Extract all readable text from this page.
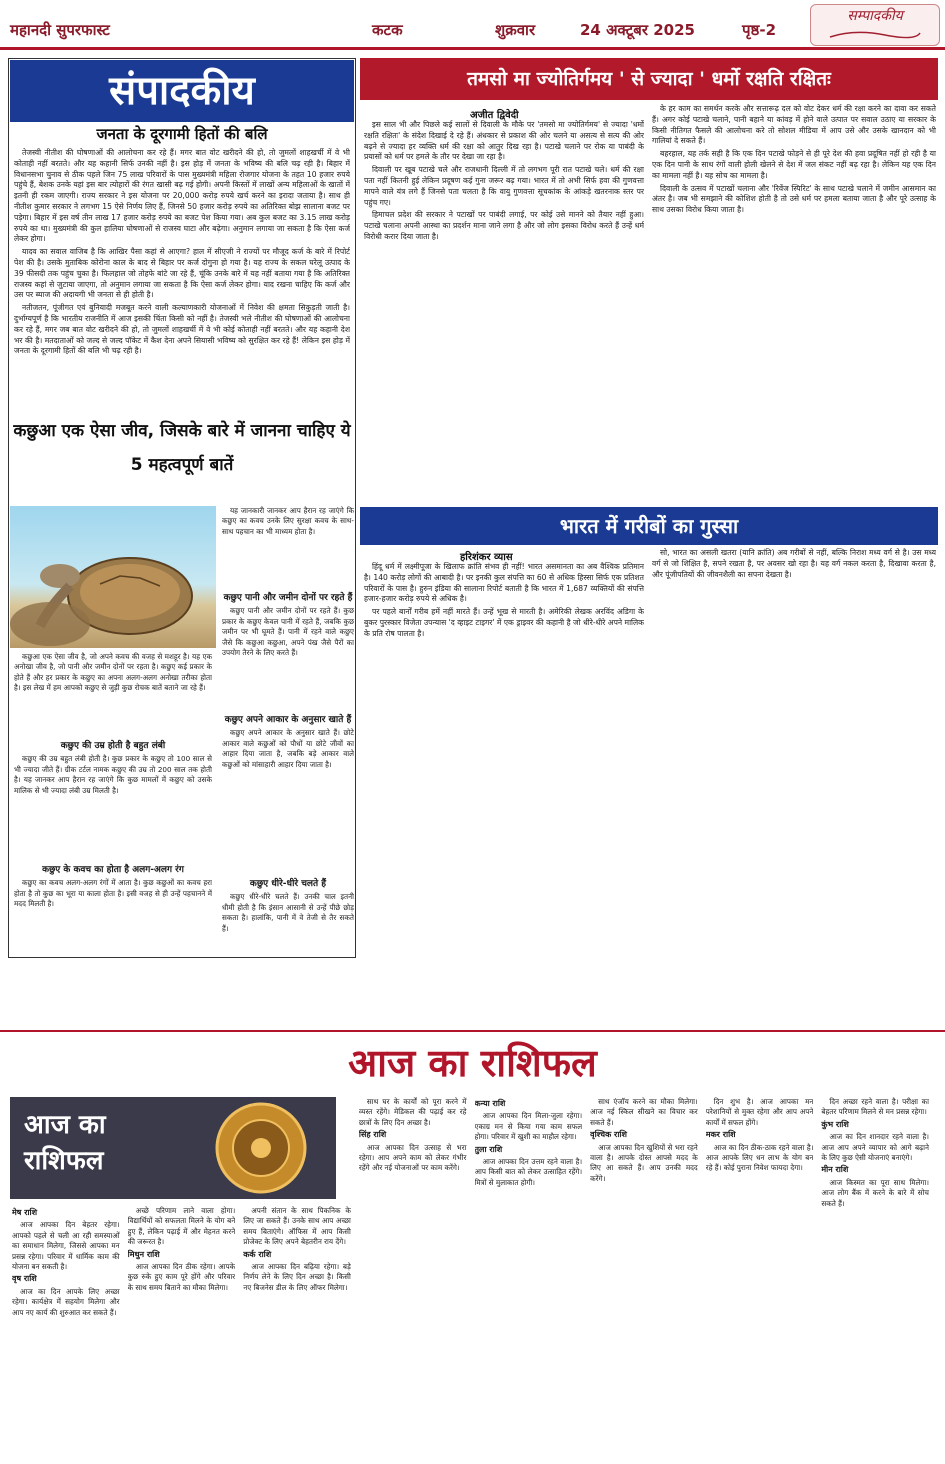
महानदी सुपरफास्ट	कटक	शुक्रवार	24 अक्टूबर 2025	पृष्ठ-2
सम्पादकीय
संपादकीय
जनता के दूरगामी हितों की बलि

तेजस्वी नीतीश की घोषणाओं की आलोचना कर रहे हैं। मगर बात वोट खरीदने की हो, तो जुमलों शाहखर्ची में वे भी कोताही नहीं बरतते। और यह कहानी सिर्फ उनकी नहीं है। इस होड़ में जनता के भविष्य की बलि चढ़ रही है। बिहार में विधानसभा चुनाव से ठीक पहले जिन 75 लाख परिवारों के पास मुख्यमंत्री महिला रोजगार योजना के तहत 10 हजार रुपये पहुंचे हैं, बेशक उनके यहां इस बार त्योहारों की रंगत खासी बढ़ गई होगी। अपनी किस्तों में लाखों अन्य महिलाओं के खातों में इतनी ही रकम जाएगी। राज्य सरकार ने इस योजना पर 20,000 करोड़ रुपये खर्च करने का इरादा जताया है। साथ ही नीतीश कुमार सरकार ने लगभग 15 ऐसे निर्णय लिए हैं, जिनसे 50 हजार करोड़ रुपये का अतिरिक्त बोझ सालाना बजट पर पड़ेगा। बिहार में इस वर्ष तीन लाख 17 हजार करोड़ रुपये का बजट पेश किया गया। अब कुल बजट का 3.15 लाख करोड़ रुपये का था। मुख्यमंत्री की कुल हालिया घोषणाओं से राजस्व घाटा और बढ़ेगा। अनुमान लगाया जा सकता है कि ऐसा कर्ज लेकर होगा।

यादव का सवाल वाजिब है कि आखिर पैसा कहां से आएगा? हाल में सीएजी ने राज्यों पर मौजूद कर्ज के बारे में रिपोर्ट पेश की है। उसके मुताबिक कोरोना काल के बाद से बिहार पर कर्ज दोगुना हो गया है। यह राज्य के सकल घरेलू उत्पाद के 39 फीसदी तक पहुंच चुका है। फिलहाल जो तोहफे बांटे जा रहे हैं, चूंकि उनके बारे में यह नहीं बताया गया है कि अतिरिक्त राजस्व कहां से जुटाया जाएगा, तो अनुमान लगाया जा सकता है कि ऐसा कर्ज लेकर होगा। याद रखना चाहिए कि कर्ज और उस पर ब्याज की अदायगी भी जनता से ही होती है।

नतीजतन, पूंजीगत एवं बुनियादी मजबूत करने वाली कल्याणकारी योजनाओं में निवेश की क्षमता सिकुड़ती जाती है। दुर्भाग्यपूर्ण है कि भारतीय राजनीति में आज इसकी चिंता किसी को नहीं है। तेजस्वी भले नीतीश की घोषणाओं की आलोचना कर रहे हैं, मगर जब बात वोट खरीदने की हो, तो जुमलों शाहखर्ची में वे भी कोई कोताही नहीं बरतते। और यह कहानी देश भर की है। मतदाताओं को जल्द से जल्द पॉकेट में कैश देना अपने सियासी भविष्य को सुरक्षित कर रहे हैं! लेकिन इस होड़ में जनता के दूरगामी हितों की बलि भी चढ़ रही है।

कछुआ एक ऐसा जीव, जिसके बारे में जानना चाहिए ये 5 महत्वपूर्ण बातें

यह जानकारी जानकर आप हैरान रह जाएंगे कि कछुए का कवच उनके लिए सुरक्षा कवच के साथ-साथ पहचान का भी माध्यम होता है।

कछुए पानी और जमीन दोनों पर रहते हैं

कछुए पानी और जमीन दोनों पर रहते हैं। कुछ प्रकार के कछुए केवल पानी में रहते हैं, जबकि कुछ जमीन पर भी घूमते हैं। पानी में रहने वाले कछुए जैसे कि कछुआ कछुआ, अपने पंख जैसे पैरों का उपयोग तैरने के लिए करते हैं।

कछुआ एक ऐसा जीव है, जो अपने कवच की वजह से मशहूर है। यह एक अनोखा जीव है, जो पानी और जमीन दोनों पर रहता है। कछुए कई प्रकार के होते हैं और हर प्रकार के कछुए का अपना अलग-अलग अनोखा तरीका होता है। इस लेख में हम आपको कछुए से जुड़ी कुछ रोचक बातें बताने जा रहे हैं।

कछुए की उम्र होती है बहुत लंबी

कछुए की उम्र बहुत लंबी होती है। कुछ प्रकार के कछुए तो 100 साल से भी ज्यादा जीते हैं। ग्रीक टर्टल नामक कछुए की उम्र तो 200 साल तक होती है। यह जानकर आप हैरान रह जाएंगे कि कुछ मामलों में कछुए को उसके मालिक से भी ज्यादा लंबी उम्र मिलती है।

कछुए के कवच का होता है अलग-अलग रंग

कछुए का कवच अलग-अलग रंगों में आता है। कुछ कछुओं का कवच हरा होता है तो कुछ का भूरा या काला होता है। इसी वजह से ही उन्हें पहचानने में मदद मिलती है।

कछुए अपने आकार के अनुसार खाते हैं

कछुए अपने आकार के अनुसार खाते हैं। छोटे आकार वाले कछुओं को पौधों या छोटे जीवों का आहार दिया जाता है, जबकि बड़े आकार वाले कछुओं को मांसाहारी आहार दिया जाता है।

कछुए धीरे-धीरे चलते हैं

कछुए धीरे-धीरे चलते हैं। उनकी चाल इतनी धीमी होती है कि इंसान आसानी से उन्हें पीछे छोड़ सकता है। हालांकि, पानी में वे तेजी से तैर सकते हैं।

तमसो मा ज्योतिर्गमय ' से ज्यादा ' धर्मो रक्षति रक्षितः
अजीत द्विवेदी

इस साल भी और पिछले कई सालों से दिवाली के मौके पर 'तमसो मा ज्योतिर्गमय' से ज्यादा 'धर्मो रक्षति रक्षितः' के संदेश दिखाई दे रहे हैं। अंधकार से प्रकाश की ओर चलने या असत्य से सत्य की ओर बढ़ने से ज्यादा हर व्यक्ति धर्म की रक्षा को आतुर दिख रहा है। पटाखे चलाने पर रोक या पाबंदी के प्रयासों को धर्म पर हमले के तौर पर देखा जा रहा है।

दिवाली पर खूब पटाखे चले और राजधानी दिल्ली में तो लगभग पूरी रात पटाखे चले। धर्म की रक्षा पता नहीं कितनी हुई लेकिन प्रदूषण कई गुना जरूर बढ़ गया। भारत में तो अभी सिर्फ हवा की गुणवत्ता मापने वाले यंत्र लगे हैं जिनसे पता चलता है कि वायु गुणवत्ता सूचकांक के आंकड़े खतरनाक स्तर पर पहुंच गए।

हिमाचल प्रदेश की सरकार ने पटाखों पर पाबंदी लगाई, पर कोई उसे मानने को तैयार नहीं हुआ। पटाखे चलाना अपनी आस्था का प्रदर्शन माना जाने लगा है और जो लोग इसका विरोध करते हैं उन्हें धर्म विरोधी करार दिया जाता है।

के हर काम का समर्थन करके और सत्तारूढ़ दल को वोट देकर धर्म की रक्षा करने का दावा कर सकते हैं। अगर कोई पटाखे चलाने, पानी बहाने या कांवड़ में होने वाले उत्पात पर सवाल उठाए या सरकार के किसी नीतिगत फैसले की आलोचना करे तो सोशल मीडिया में आप उसे और उसके खानदान को भी गालियां दे सकते हैं।

बहरहाल, यह तर्क सही है कि एक दिन पटाखे फोड़ने से ही पूरे देश की हवा प्रदूषित नहीं हो रही है या एक दिन पानी के साथ रंगों वाली होली खेलने से देश में जल संकट नहीं बढ़ रहा है। लेकिन यह एक दिन का मामला नहीं है। यह सोच का मामला है।

दिवाली के उत्सव में पटाखों चलाना और 'रिवेंज स्पिरिट' के साथ पटाखे चलाने में जमीन आसमान का अंतर है। जब भी समझाने की कोशिश होती है तो उसे धर्म पर हमला बताया जाता है और पूरे उत्साह के साथ उसका विरोध किया जाता है।

भारत में गरीबों का गुस्सा
हरिशंकर व्यास

हिंदू धर्म में लक्ष्मीपूजा के खिलाफ क्रांति संभव ही नहीं! भारत असमानता का अब वैश्विक प्रतिमान है। 140 करोड़ लोगों की आबादी है। पर इनकी कुल संपत्ति का 60 से अधिक हिस्सा सिर्फ एक प्रतिशत परिवारों के पास है। हुरुन इंडिया की सालाना रिपोर्ट बताती है कि भारत में 1,687 व्यक्तियों की संपत्ति हजार-हजार करोड़ रुपये से अधिक है।

पर पहले बार्नों गरीब हमें नहीं मारते हैं। उन्हें भूख से मारती है। अमेरिकी लेखक अरविंद अडिगा के बुकर पुरस्कार विजेता उपन्यास 'द व्हाइट टाइगर' में एक ड्राइवर की कहानी है जो धीरे-धीरे अपने मालिक के प्रति रोष पालता है।

सो, भारत का असली खतरा (यानि क्रांति) अब गरीबों से नहीं, बल्कि निराश मध्य वर्ग से है। उस मध्य वर्ग से जो शिक्षित है, सपने रखता है, पर अवसर खो रहा है। यह वर्ग नकल करता है, दिखावा करता है, और पूंजीपतियों की जीवनशैली का सपना देखता है।

आज का राशिफल
आज का
राशिफल
मेष राशि

आज आपका दिन बेहतर रहेगा। आपको पहले से चली आ रही समस्याओं का समाधान मिलेगा, जिससे आपका मन प्रसन्न रहेगा। परिवार में धार्मिक काम की योजना बन सकती है।

वृष राशि

आज का दिन आपके लिए अच्छा रहेगा। कार्यक्षेत्र में सहयोग मिलेगा और आप नए कार्य की शुरुआत कर सकते हैं।

अच्छे परिणाम लाने वाला होगा। विद्यार्थियों को सफलता मिलने के योग बने हुए हैं, लेकिन पढ़ाई में और मेहनत करने की जरूरत है।

मिथुन राशि

आज आपका दिन ठीक रहेगा। आपके कुछ रुके हुए काम पूरे होंगे और परिवार के साथ समय बिताने का मौका मिलेगा।

अपनी संतान के साथ पिकनिक के लिए जा सकते हैं। उनके साथ आप अच्छा समय बिताएंगे। ऑफिस में आप किसी प्रोजेक्ट के लिए अपने बेहतरीन राय देंगे।

कर्क राशि

आज आपका दिन बढ़िया रहेगा। बड़े निर्णय लेने के लिए दिन अच्छा है। किसी नए बिजनेस डील के लिए ऑफर मिलेगा।

साथ घर के कार्यों को पूरा करने में व्यस्त रहेंगे। मेडिकल की पढ़ाई कर रहे छात्रों के लिए दिन अच्छा है।

सिंह राशि

आज आपका दिन उत्साह से भरा रहेगा। आप अपने काम को लेकर गंभीर रहेंगे और नई योजनाओं पर काम करेंगे।

कन्या राशि

आज आपका दिन मिला-जुला रहेगा। एकाग्र मन से किया गया काम सफल होगा। परिवार में खुशी का माहौल रहेगा।

तुला राशि

आज आपका दिन उत्तम रहने वाला है। आप किसी बात को लेकर उत्साहित रहेंगे। मित्रों से मुलाकात होगी।

साथ एंजॉय करने का मौका मिलेगा। आज नई स्किल सीखने का विचार कर सकते हैं।

वृश्चिक राशि

आज आपका दिन खुशियों से भरा रहने वाला है। आपके दोस्त आपसे मदद के लिए आ सकते हैं। आप उनकी मदद करेंगे।

दिन शुभ है। आज आपका मन परेशानियों से मुक्त रहेगा और आप अपने कार्यों में सफल होंगे।

मकर राशि

आज का दिन ठीक-ठाक रहने वाला है। आज आपके लिए धन लाभ के योग बन रहे हैं। कोई पुराना निवेश फायदा देगा।

दिन अच्छा रहने वाला है। परीक्षा का बेहतर परिणाम मिलने से मन प्रसन्न रहेगा।

कुंभ राशि

आज का दिन शानदार रहने वाला है। आज आप अपने व्यापार को आगे बढ़ाने के लिए कुछ ऐसी योजनाएं बनाएंगे।

मीन राशि

आज किस्मत का पूरा साथ मिलेगा। आज लोग बैंक में करने के बारे में सोच सकते हैं।
